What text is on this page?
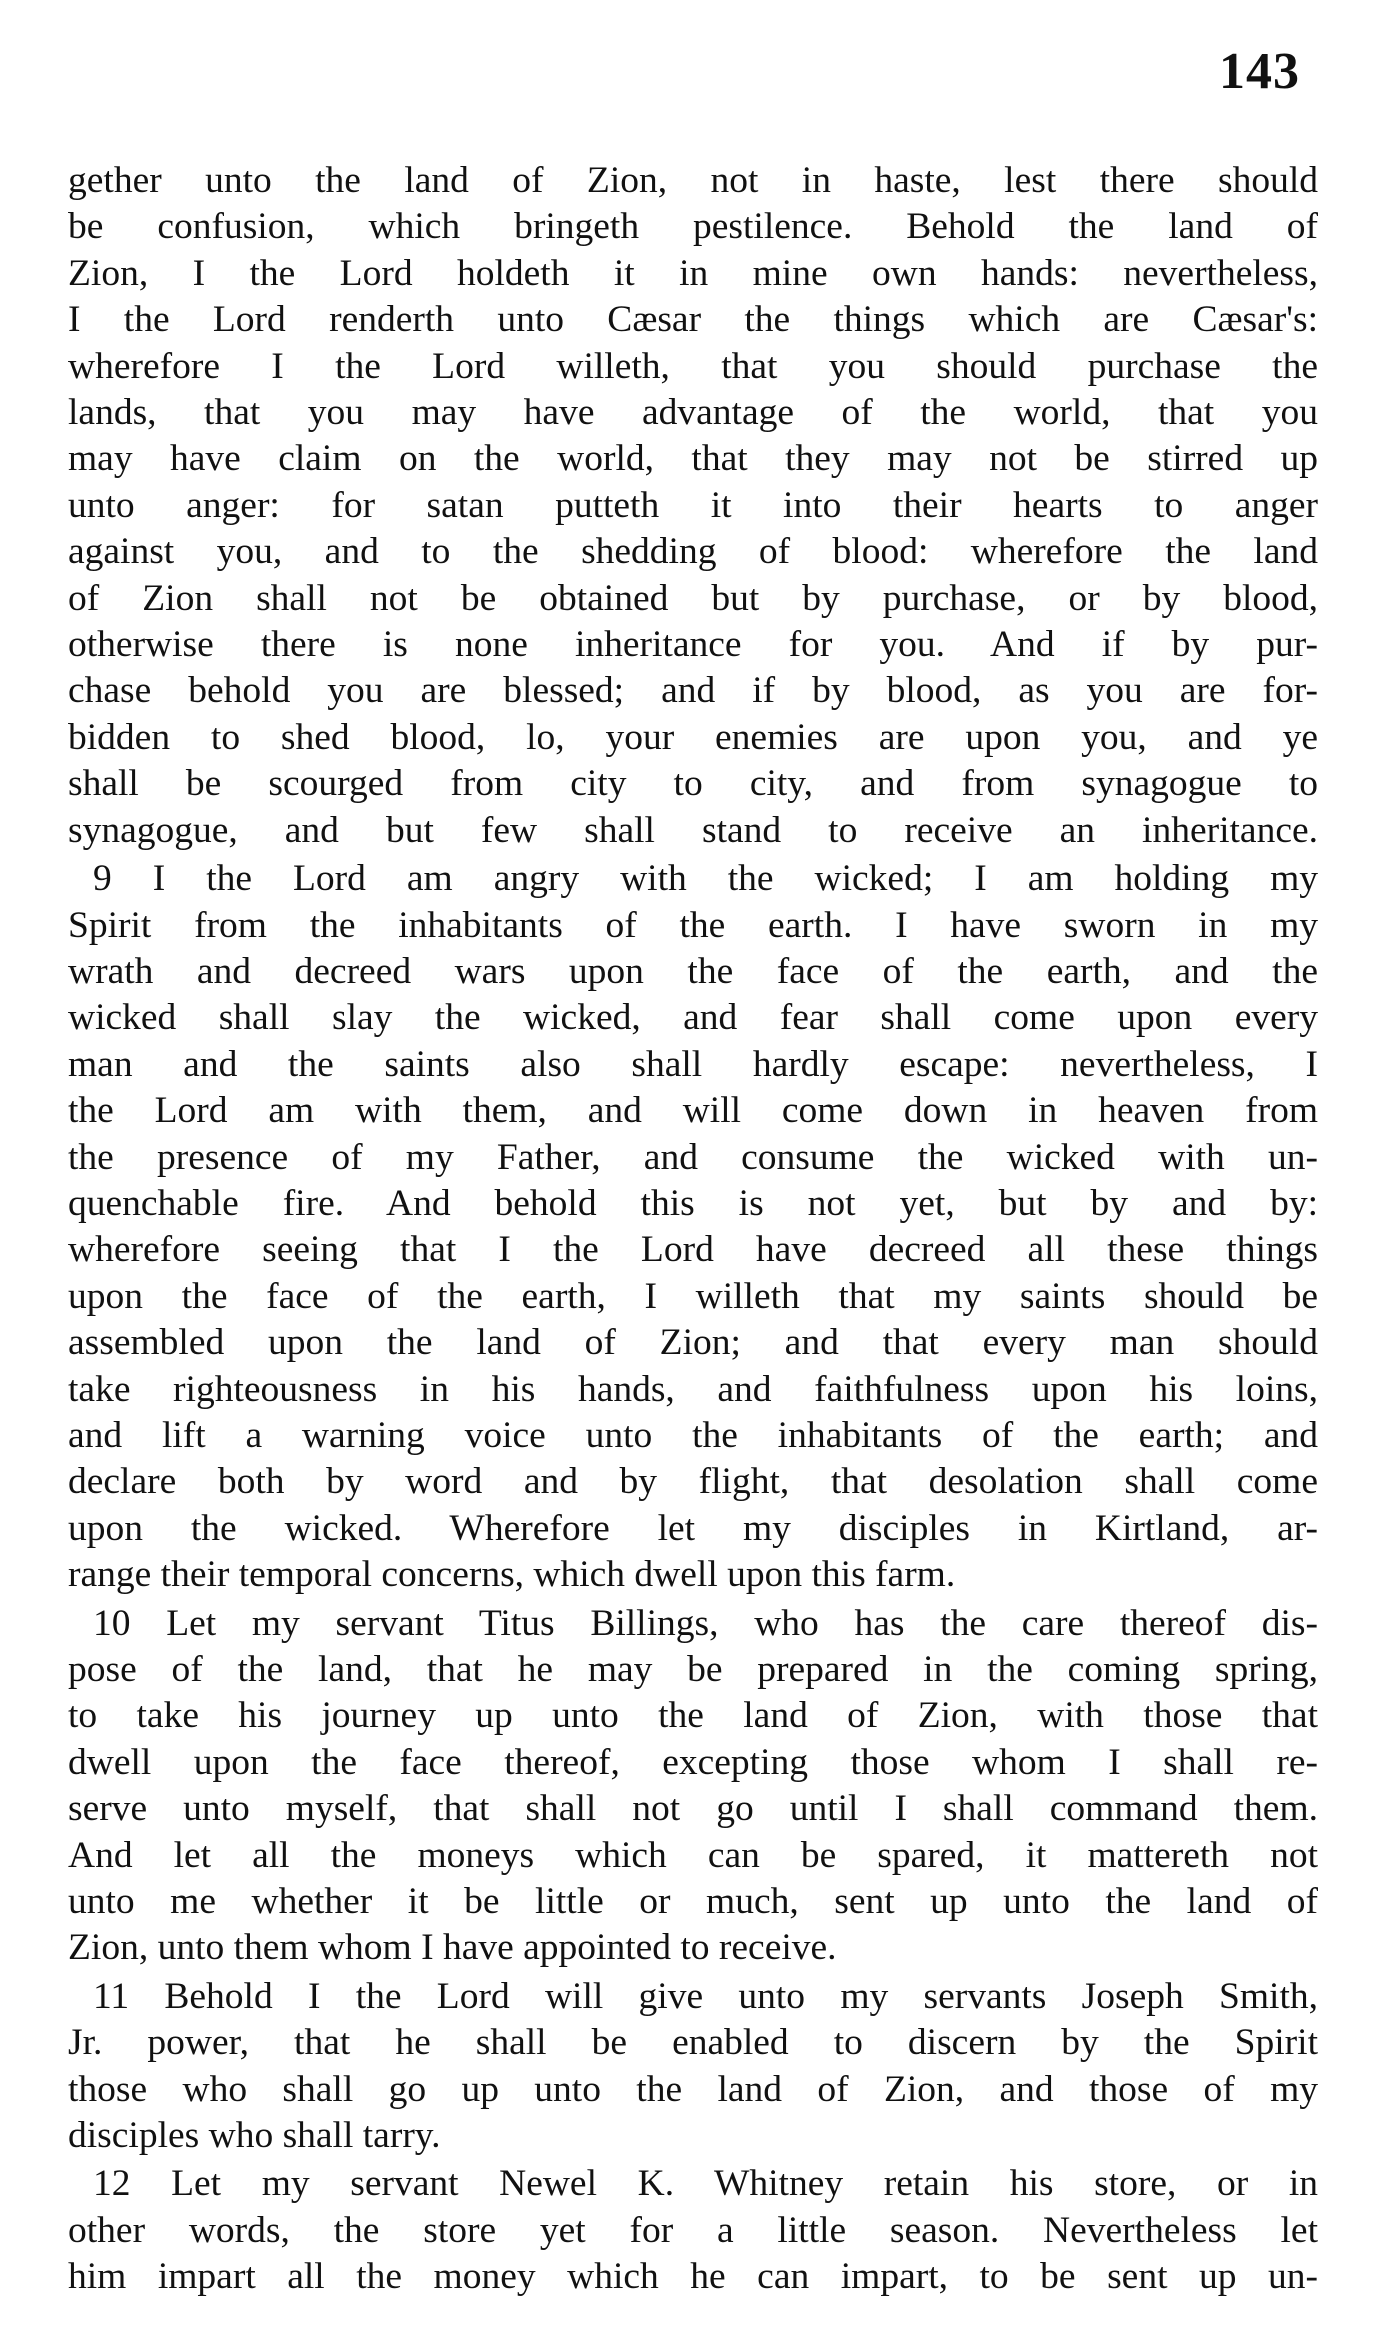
143

gether unto the land of Zion, not in haste, lest there should
be confusion, which bringeth pestilence. Behold the land of
Zion, I the Lord holdeth it in mine own hands: nevertheless,
I the Lord renderth unto Cæsar the things which are Cæsar's:
wherefore I the Lord willeth, that you should purchase the
lands, that you may have advantage of the world, that you
may have claim on the world, that they may not be stirred up
unto anger: for satan putteth it into their hearts to anger
against you, and to the shedding of blood: wherefore the land
of Zion shall not be obtained but by purchase, or by blood,
otherwise there is none inheritance for you. And if by pur-
chase behold you are blessed; and if by blood, as you are for-
bidden to shed blood, lo, your enemies are upon you, and ye
shall be scourged from city to city, and from synagogue to
synagogue, and but few shall stand to receive an inheritance.

9 I the Lord am angry with the wicked; I am holding my
Spirit from the inhabitants of the earth. I have sworn in my
wrath and decreed wars upon the face of the earth, and the
wicked shall slay the wicked, and fear shall come upon every
man and the saints also shall hardly escape: nevertheless, I
the Lord am with them, and will come down in heaven from
the presence of my Father, and consume the wicked with un-
quenchable fire. And behold this is not yet, but by and by:
wherefore seeing that I the Lord have decreed all these things
upon the face of the earth, I willeth that my saints should be
assembled upon the land of Zion; and that every man should
take righteousness in his hands, and faithfulness upon his loins,
and lift a warning voice unto the inhabitants of the earth; and
declare both by word and by flight, that desolation shall come
upon the wicked. Wherefore let my disciples in Kirtland, ar-
range their temporal concerns, which dwell upon this farm.

10 Let my servant Titus Billings, who has the care thereof dis-
pose of the land, that he may be prepared in the coming spring,
to take his journey up unto the land of Zion, with those that
dwell upon the face thereof, excepting those whom I shall re-
serve unto myself, that shall not go until I shall command them.
And let all the moneys which can be spared, it mattereth not
unto me whether it be little or much, sent up unto the land of
Zion, unto them whom I have appointed to receive.

11 Behold I the Lord will give unto my servants Joseph Smith,
Jr. power, that he shall be enabled to discern by the Spirit
those who shall go up unto the land of Zion, and those of my
disciples who shall tarry.

12 Let my servant Newel K. Whitney retain his store, or in
other words, the store yet for a little season. Nevertheless let
him impart all the money which he can impart, to be sent up un-
